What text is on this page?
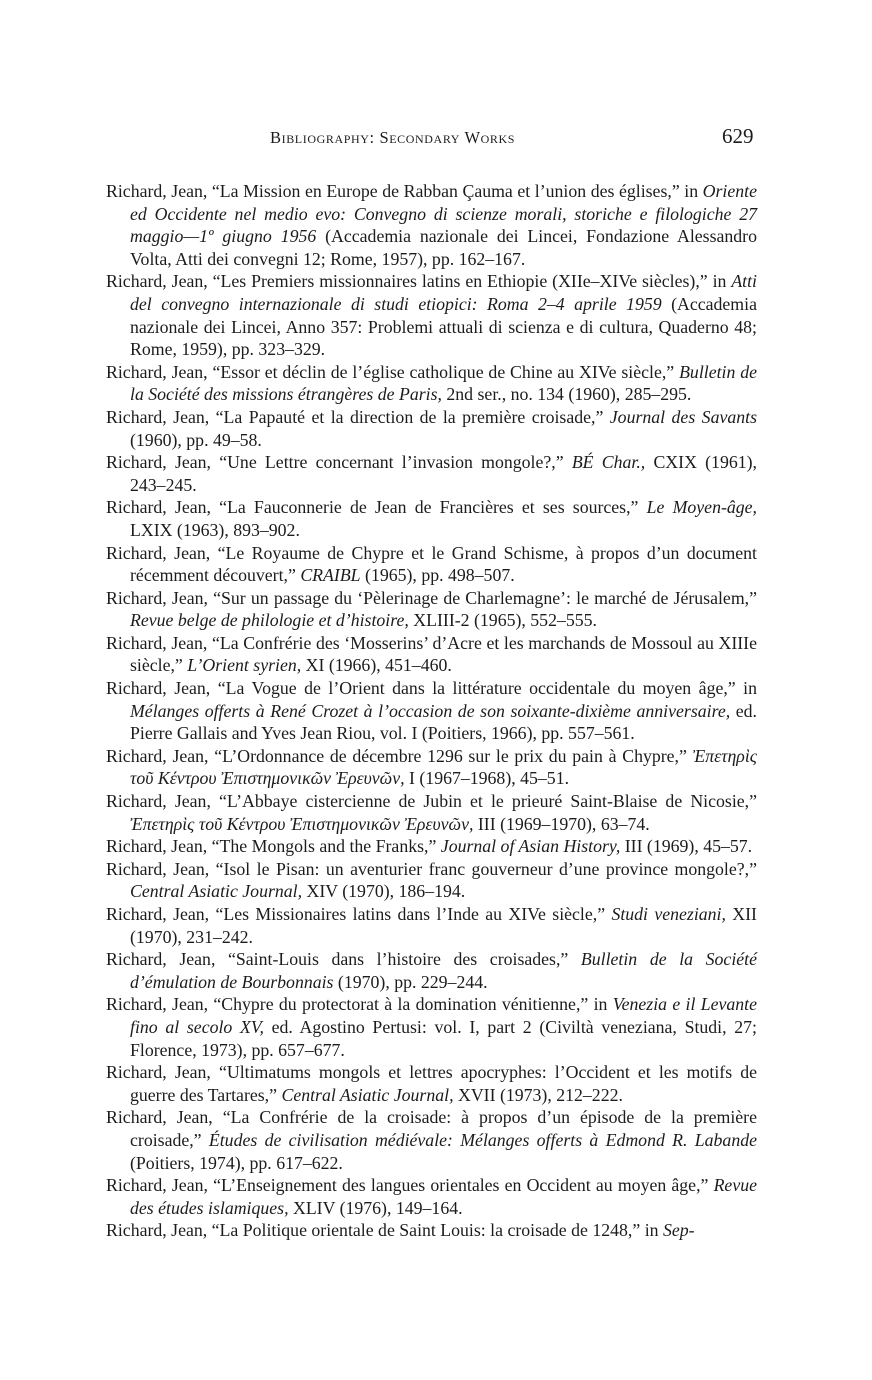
Bibliography: Secondary Works	629

Richard, Jean, “La Mission en Europe de Rabban Çauma et l’union des églises,” in Oriente ed Occidente nel medio evo: Convegno di scienze morali, storiche e filologiche 27 maggio—1º giugno 1956 (Accademia nazionale dei Lincei, Fondazione Alessandro Volta, Atti dei convegni 12; Rome, 1957), pp. 162–167.

Richard, Jean, “Les Premiers missionnaires latins en Ethiopie (XIIe–XIVe siècles),” in Atti del convegno internazionale di studi etiopici: Roma 2–4 aprile 1959 (Accademia nazionale dei Lincei, Anno 357: Problemi attuali di scienza e di cultura, Quaderno 48; Rome, 1959), pp. 323–329.

Richard, Jean, “Essor et déclin de l’église catholique de Chine au XIVe siècle,” Bulletin de la Société des missions étrangères de Paris, 2nd ser., no. 134 (1960), 285–295.

Richard, Jean, “La Papauté et la direction de la première croisade,” Journal des Savants (1960), pp. 49–58.

Richard, Jean, “Une Lettre concernant l’invasion mongole?,” BÉ Char., CXIX (1961), 243–245.

Richard, Jean, “La Fauconnerie de Jean de Francières et ses sources,” Le Moyen-âge, LXIX (1963), 893–902.

Richard, Jean, “Le Royaume de Chypre et le Grand Schisme, à propos d’un document récemment découvert,” CRAIBL (1965), pp. 498–507.

Richard, Jean, “Sur un passage du ‘Pèlerinage de Charlemagne’: le marché de Jérusalem,” Revue belge de philologie et d’histoire, XLIII-2 (1965), 552–555.

Richard, Jean, “La Confrérie des ‘Mosserins’ d’Acre et les marchands de Mossoul au XIIIe siècle,” L’Orient syrien, XI (1966), 451–460.

Richard, Jean, “La Vogue de l’Orient dans la littérature occidentale du moyen âge,” in Mélanges offerts à René Crozet à l’occasion de son soixante-dixième anniversaire, ed. Pierre Gallais and Yves Jean Riou, vol. I (Poitiers, 1966), pp. 557–561.

Richard, Jean, “L’Ordonnance de décembre 1296 sur le prix du pain à Chypre,” Ἐπετηρὶς τοῦ Κέντρου Ἐπιστημονικῶν Ἐρευνῶν, I (1967–1968), 45–51.

Richard, Jean, “L’Abbaye cistercienne de Jubin et le prieuré Saint-Blaise de Nicosie,” Ἐπετηρὶς τοῦ Κέντρου Ἐπιστημονικῶν Ἐρευνῶν, III (1969–1970), 63–74.

Richard, Jean, “The Mongols and the Franks,” Journal of Asian History, III (1969), 45–57.

Richard, Jean, “Isol le Pisan: un aventurier franc gouverneur d’une province mongole?,” Central Asiatic Journal, XIV (1970), 186–194.

Richard, Jean, “Les Missionaires latins dans l’Inde au XIVe siècle,” Studi veneziani, XII (1970), 231–242.

Richard, Jean, “Saint-Louis dans l’histoire des croisades,” Bulletin de la Société d’émulation de Bourbonnais (1970), pp. 229–244.

Richard, Jean, “Chypre du protectorat à la domination vénitienne,” in Venezia e il Levante fino al secolo XV, ed. Agostino Pertusi: vol. I, part 2 (Civiltà veneziana, Studi, 27; Florence, 1973), pp. 657–677.

Richard, Jean, “Ultimatums mongols et lettres apocryphes: l’Occident et les motifs de guerre des Tartares,” Central Asiatic Journal, XVII (1973), 212–222.

Richard, Jean, “La Confrérie de la croisade: à propos d’un épisode de la première croisade,” Études de civilisation médiévale: Mélanges offerts à Edmond R. Labande (Poitiers, 1974), pp. 617–622.

Richard, Jean, “L’Enseignement des langues orientales en Occident au moyen âge,” Revue des études islamiques, XLIV (1976), 149–164.

Richard, Jean, “La Politique orientale de Saint Louis: la croisade de 1248,” in Sep-
